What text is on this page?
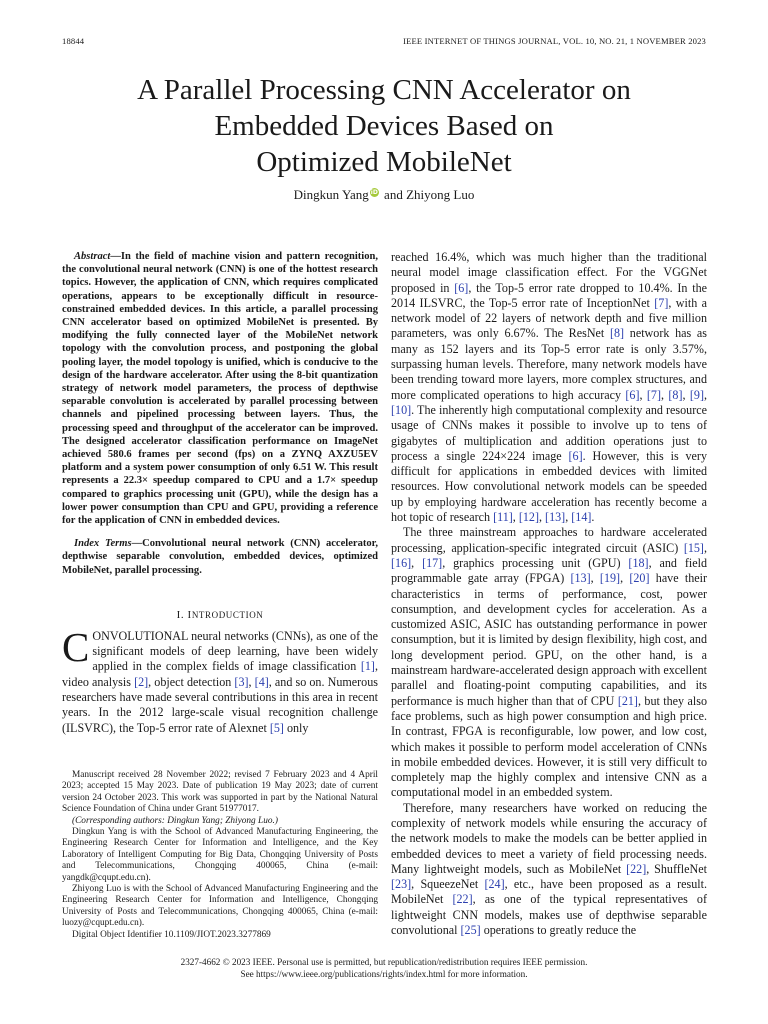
18844	IEEE INTERNET OF THINGS JOURNAL, VOL. 10, NO. 21, 1 NOVEMBER 2023
A Parallel Processing CNN Accelerator on
Embedded Devices Based on
Optimized MobileNet
Dingkun Yang iD and Zhiyong Luo

Abstract—In the field of machine vision and pattern recognition, the convolutional neural network (CNN) is one of the hottest research topics. However, the application of CNN, which requires complicated operations, appears to be exceptionally difficult in resource-constrained embedded devices. In this article, a parallel processing CNN accelerator based on optimized MobileNet is presented. By modifying the fully connected layer of the MobileNet network topology with the convolution process, and postponing the global pooling layer, the model topology is unified, which is conducive to the design of the hardware accelerator. After using the 8-bit quantization strategy of network model parameters, the process of depthwise separable convolution is accelerated by parallel processing between channels and pipelined processing between layers. Thus, the processing speed and throughput of the accelerator can be improved. The designed accelerator classification performance on ImageNet achieved 580.6 frames per second (fps) on a ZYNQ AXZU5EV platform and a system power consumption of only 6.51 W. This result represents a 22.3× speedup compared to CPU and a 1.7× speedup compared to graphics processing unit (GPU), while the design has a lower power consumption than CPU and GPU, providing a reference for the application of CNN in embedded devices.

Index Terms—Convolutional neural network (CNN) accelerator, depthwise separable convolution, embedded devices, optimized MobileNet, parallel processing.

I. INTRODUCTION

CONVOLUTIONAL neural networks (CNNs), as one of the significant models of deep learning, have been widely applied in the complex fields of image classification [1], video analysis [2], object detection [3], [4], and so on. Numerous researchers have made several contributions in this area in recent years. In the 2012 large-scale visual recognition challenge (ILSVRC), the Top-5 error rate of Alexnet [5] only

Manuscript received 28 November 2022; revised 7 February 2023 and 4 April 2023; accepted 15 May 2023. Date of publication 19 May 2023; date of current version 24 October 2023. This work was supported in part by the National Natural Science Foundation of China under Grant 51977017.

(Corresponding authors: Dingkun Yang; Zhiyong Luo.)

Dingkun Yang is with the School of Advanced Manufacturing Engineering, the Engineering Research Center for Information and Intelligence, and the Key Laboratory of Intelligent Computing for Big Data, Chongqing University of Posts and Telecommunications, Chongqing 400065, China (e-mail: yangdk@cqupt.edu.cn).

Zhiyong Luo is with the School of Advanced Manufacturing Engineering and the Engineering Research Center for Information and Intelligence, Chongqing University of Posts and Telecommunications, Chongqing 400065, China (e-mail: luozy@cqupt.edu.cn).

Digital Object Identifier 10.1109/JIOT.2023.3277869

reached 16.4%, which was much higher than the traditional neural model image classification effect. For the VGGNet proposed in [6], the Top-5 error rate dropped to 10.4%. In the 2014 ILSVRC, the Top-5 error rate of InceptionNet [7], with a network model of 22 layers of network depth and five million parameters, was only 6.67%. The ResNet [8] network has as many as 152 layers and its Top-5 error rate is only 3.57%, surpassing human levels. Therefore, many network models have been trending toward more layers, more complex structures, and more complicated operations to high accuracy [6], [7], [8], [9], [10]. The inherently high computational complexity and resource usage of CNNs makes it possible to involve up to tens of gigabytes of multiplication and addition operations just to process a single 224×224 image [6]. However, this is very difficult for applications in embedded devices with limited resources. How convolutional network models can be speeded up by employing hardware acceleration has recently become a hot topic of research [11], [12], [13], [14].

The three mainstream approaches to hardware accelerated processing, application-specific integrated circuit (ASIC) [15], [16], [17], graphics processing unit (GPU) [18], and field programmable gate array (FPGA) [13], [19], [20] have their characteristics in terms of performance, cost, power consumption, and development cycles for acceleration. As a customized ASIC, ASIC has outstanding performance in power consumption, but it is limited by design flexibility, high cost, and long development period. GPU, on the other hand, is a mainstream hardware-accelerated design approach with excellent parallel and floating-point computing capabilities, and its performance is much higher than that of CPU [21], but they also face problems, such as high power consumption and high price. In contrast, FPGA is reconfigurable, low power, and low cost, which makes it possible to perform model acceleration of CNNs in mobile embedded devices. However, it is still very difficult to completely map the highly complex and intensive CNN as a computational model in an embedded system.

Therefore, many researchers have worked on reducing the complexity of network models while ensuring the accuracy of the network models to make the models can be better applied in embedded devices to meet a variety of field processing needs. Many lightweight models, such as MobileNet [22], ShuffleNet [23], SqueezeNet [24], etc., have been proposed as a result. MobileNet [22], as one of the typical representatives of lightweight CNN models, makes use of depthwise separable convolutional [25] operations to greatly reduce the

2327-4662 © 2023 IEEE. Personal use is permitted, but republication/redistribution requires IEEE permission.
See https://www.ieee.org/publications/rights/index.html for more information.
